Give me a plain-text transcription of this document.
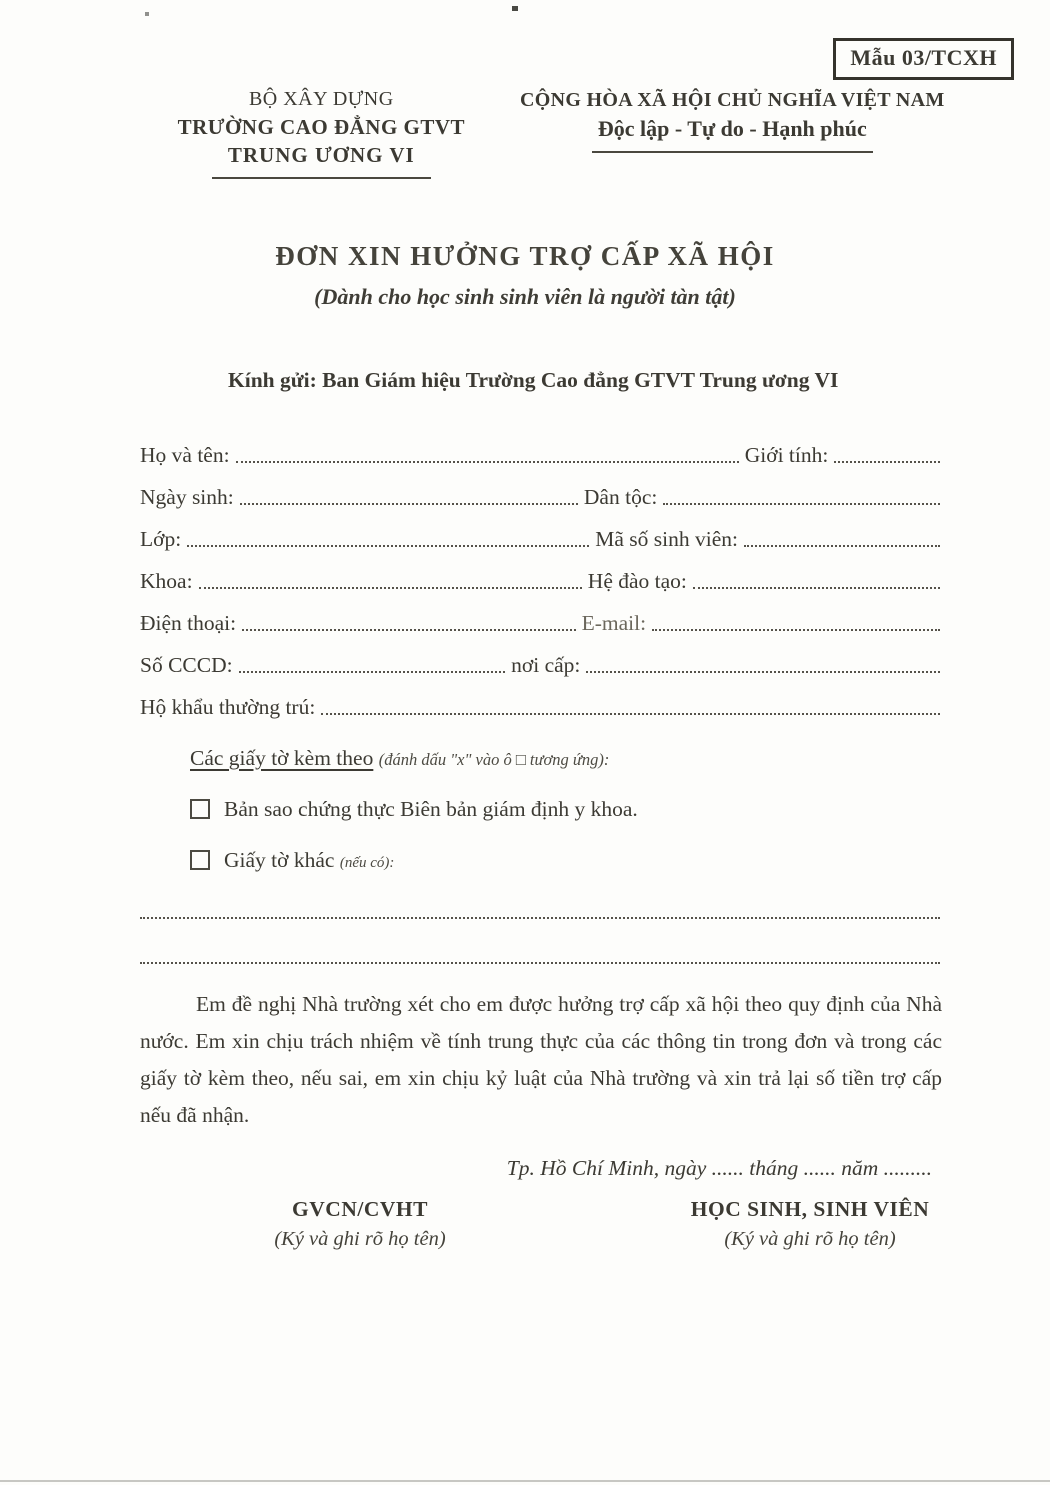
Mẫu 03/TCXH
BỘ XÂY DỰNG
TRƯỜNG CAO ĐẲNG GTVT
TRUNG ƯƠNG VI
CỘNG HÒA XÃ HỘI CHỦ NGHĨA VIỆT NAM
Độc lập - Tự do - Hạnh phúc
ĐƠN XIN HƯỞNG TRỢ CẤP XÃ HỘI
(Dành cho học sinh sinh viên là người tàn tật)
Kính gửi: Ban Giám hiệu Trường Cao đẳng GTVT Trung ương VI
Họ và tên:	Giới tính:
Ngày sinh:	Dân tộc:
Lớp:	Mã số sinh viên:
Khoa:	Hệ đào tạo:
Điện thoại:	E-mail:
Số CCCD:	nơi cấp:
Hộ khẩu thường trú:
Các giấy tờ kèm theo (đánh dấu "x" vào ô □ tương ứng):
Bản sao chứng thực Biên bản giám định y khoa.
Giấy tờ khác (nếu có):

Em đề nghị Nhà trường xét cho em được hưởng trợ cấp xã hội theo quy định của Nhà nước. Em xin chịu trách nhiệm về tính trung thực của các thông tin trong đơn và trong các giấy tờ kèm theo, nếu sai, em xin chịu kỷ luật của Nhà trường và xin trả lại số tiền trợ cấp nếu đã nhận.

Tp. Hồ Chí Minh, ngày ...... tháng ...... năm .........
GVCN/CVHT
(Ký và ghi rõ họ tên)
HỌC SINH, SINH VIÊN
(Ký và ghi rõ họ tên)
